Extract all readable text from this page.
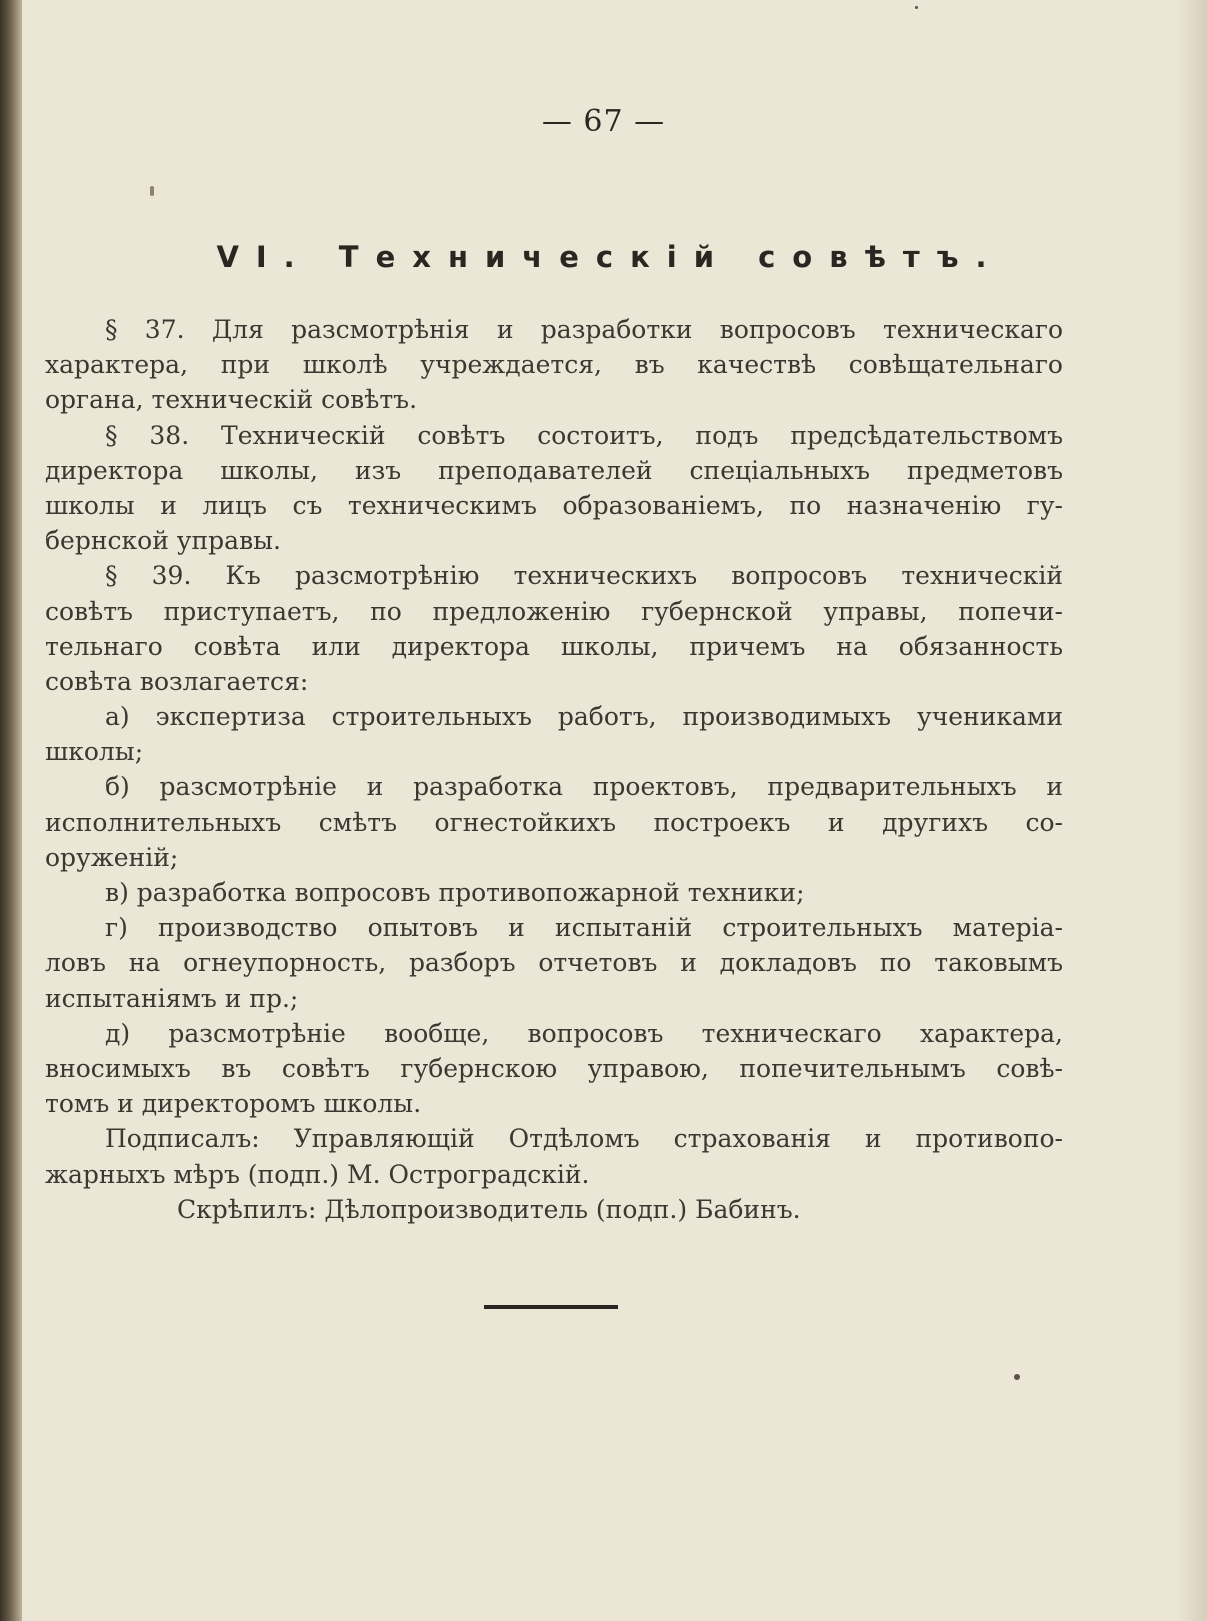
— 67 —
VI. Техническій совѣтъ.
§ 37. Для разсмотрѣнія и разработки вопросовъ техническаго
характера, при школѣ учреждается, въ качествѣ совѣщательнаго
органа, техническій совѣтъ.
§ 38. Техническій совѣтъ состоитъ, подъ предсѣдательствомъ
директора школы, изъ преподавателей спеціальныхъ предметовъ
школы и лицъ съ техническимъ образованіемъ, по назначенію гу-
бернской управы.
§ 39. Къ разсмотрѣнію техническихъ вопросовъ техническій
совѣтъ приступаетъ, по предложенію губернской управы, попечи-
тельнаго совѣта или директора школы, причемъ на обязанность
совѣта возлагается:
а) экспертиза строительныхъ работъ, производимыхъ учениками
школы;
б) разсмотрѣніе и разработка проектовъ, предварительныхъ и
исполнительныхъ смѣтъ огнестойкихъ построекъ и другихъ со-
оруженій;
в) разработка вопросовъ противопожарной техники;
г) производство опытовъ и испытаній строительныхъ матеріа-
ловъ на огнеупорность, разборъ отчетовъ и докладовъ по таковымъ
испытаніямъ и пр.;
д) разсмотрѣніе вообще, вопросовъ техническаго характера,
вносимыхъ въ совѣтъ губернскою управою, попечительнымъ совѣ-
томъ и директоромъ школы.
Подписалъ: Управляющій Отдѣломъ страхованія и противопо-
жарныхъ мѣръ (подп.) М. Остроградскій.
Скрѣпилъ: Дѣлопроизводитель (подп.) Бабинъ.
